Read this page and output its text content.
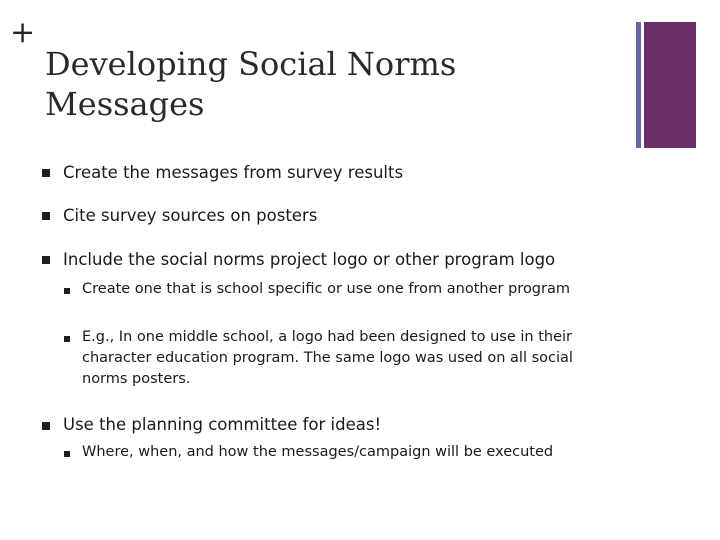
+
Developing Social Norms
Messages
Create the messages from survey results
Cite survey sources on posters
Include the social norms project logo or other program logo
Create one that is school specific or use one from another program
E.g., In one middle school, a logo had been designed to use in their character education program. The same logo was used on all social norms posters.
Use the planning committee for ideas!
Where, when, and how the messages/campaign will be executed
